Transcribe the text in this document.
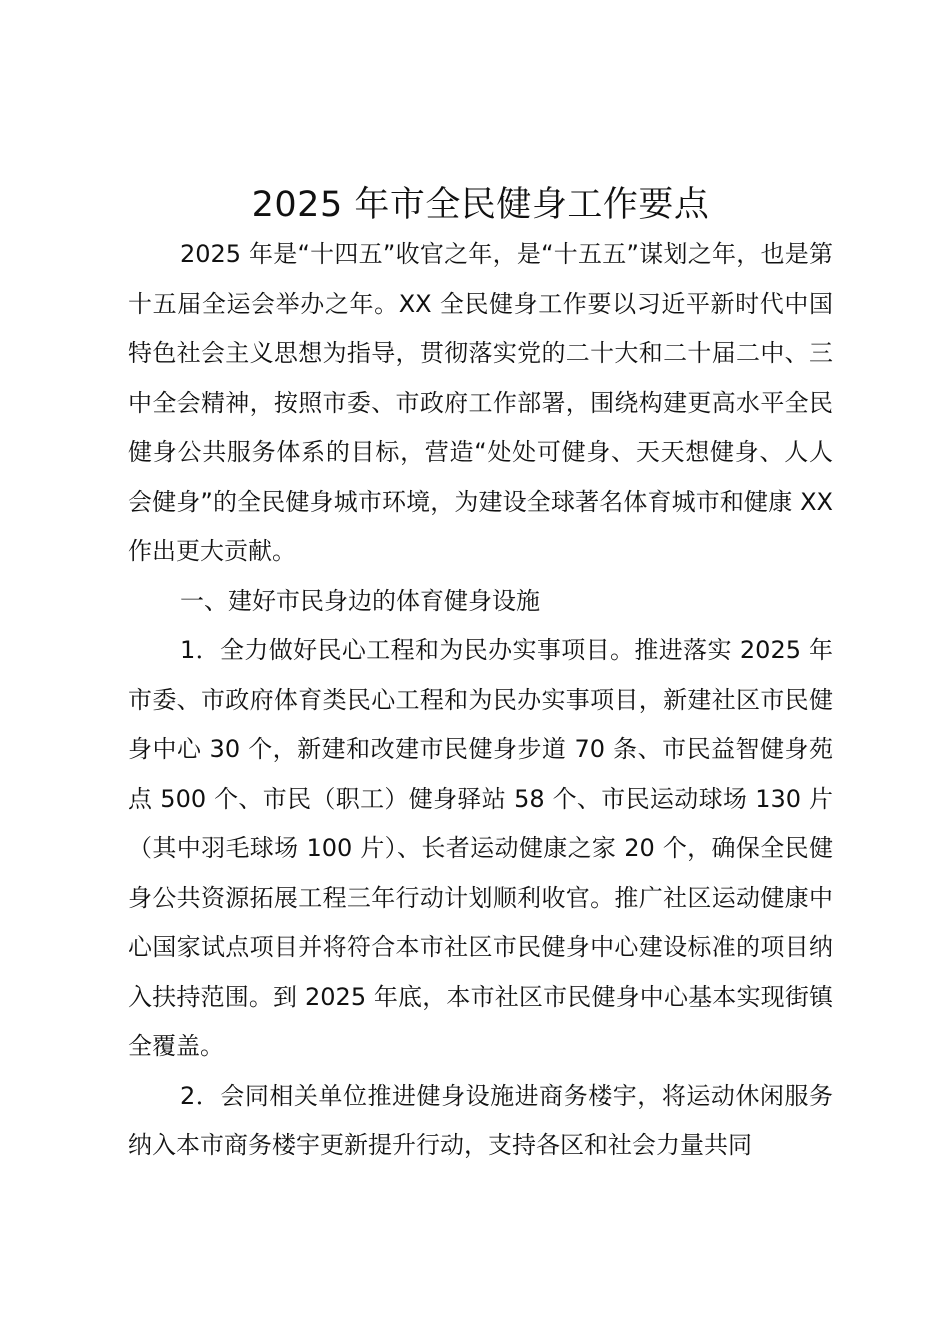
2025 年市全民健身工作要点

2025 年是“十四五”收官之年，是“十五五”谋划之年，也是第十五届全运会举办之年。XX 全民健身工作要以习近平新时代中国特色社会主义思想为指导，贯彻落实党的二十大和二十届二中、三中全会精神，按照市委、市政府工作部署，围绕构建更高水平全民健身公共服务体系的目标，营造“处处可健身、天天想健身、人人会健身”的全民健身城市环境，为建设全球著名体育城市和健康 XX 作出更大贡献。

一、建好市民身边的体育健身设施

1．全力做好民心工程和为民办实事项目。推进落实 2025 年市委、市政府体育类民心工程和为民办实事项目，新建社区市民健身中心 30 个，新建和改建市民健身步道 70 条、市民益智健身苑点 500 个、市民（职工）健身驿站 58 个、市民运动球场 130 片（其中羽毛球场 100 片）、长者运动健康之家 20 个，确保全民健身公共资源拓展工程三年行动计划顺利收官。推广社区运动健康中心国家试点项目并将符合本市社区市民健身中心建设标准的项目纳入扶持范围。到 2025 年底，本市社区市民健身中心基本实现街镇全覆盖。

2．会同相关单位推进健身设施进商务楼宇，将运动休闲服务纳入本市商务楼宇更新提升行动，支持各区和社会力量共同
